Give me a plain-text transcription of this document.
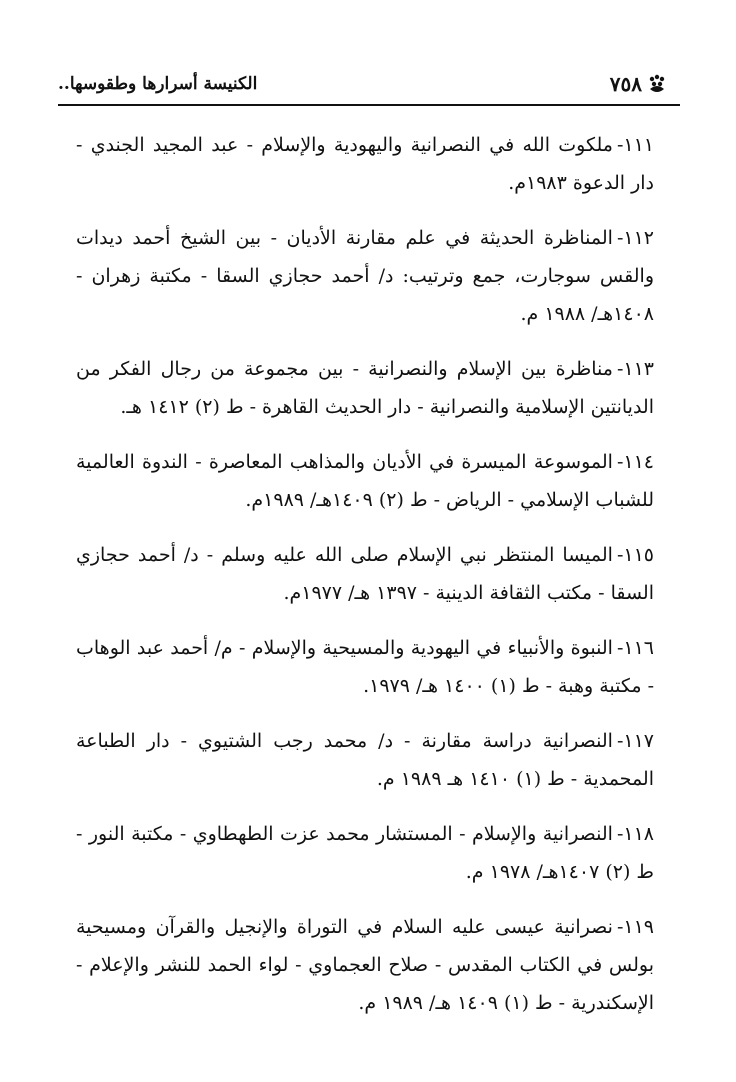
٧٥٨
الكنيسة أسرارها وطقوسها..
١١١-ملكوت الله في النصرانية واليهودية والإسلام - عبد المجيد الجندي - دار الدعوة ١٩٨٣م.
١١٢-المناظرة الحديثة في علم مقارنة الأديان - بين الشيخ أحمد ديدات والقس سوجارت، جمع وترتيب: د/ أحمد حجازي السقا - مكتبة زهران - ١٤٠٨هـ/ ١٩٨٨ م.
١١٣-مناظرة بين الإسلام والنصرانية - بين مجموعة من رجال الفكر من الديانتين الإسلامية والنصرانية - دار الحديث القاهرة - ط (٢) ١٤١٢ هـ.
١١٤-الموسوعة الميسرة في الأديان والمذاهب المعاصرة - الندوة العالمية للشباب الإسلامي - الرياض - ط (٢) ١٤٠٩هـ/ ١٩٨٩م.
١١٥-الميسا المنتظر نبي الإسلام صلى الله عليه وسلم - د/ أحمد حجازي السقا - مكتب الثقافة الدينية - ١٣٩٧ هـ/ ١٩٧٧م.
١١٦-النبوة والأنبياء في اليهودية والمسيحية والإسلام - م/ أحمد عبد الوهاب - مكتبة وهبة - ط (١) ١٤٠٠ هـ/ ١٩٧٩.
١١٧-النصرانية دراسة مقارنة - د/ محمد رجب الشتيوي - دار الطباعة المحمدية - ط (١) ١٤١٠ هـ ١٩٨٩ م.
١١٨-النصرانية والإسلام - المستشار محمد عزت الطهطاوي - مكتبة النور - ط (٢) ١٤٠٧هـ/ ١٩٧٨ م.
١١٩-نصرانية عيسى عليه السلام في التوراة والإنجيل والقرآن ومسيحية بولس في الكتاب المقدس - صلاح العجماوي - لواء الحمد للنشر والإعلام - الإسكندرية - ط (١) ١٤٠٩ هـ/ ١٩٨٩ م.
